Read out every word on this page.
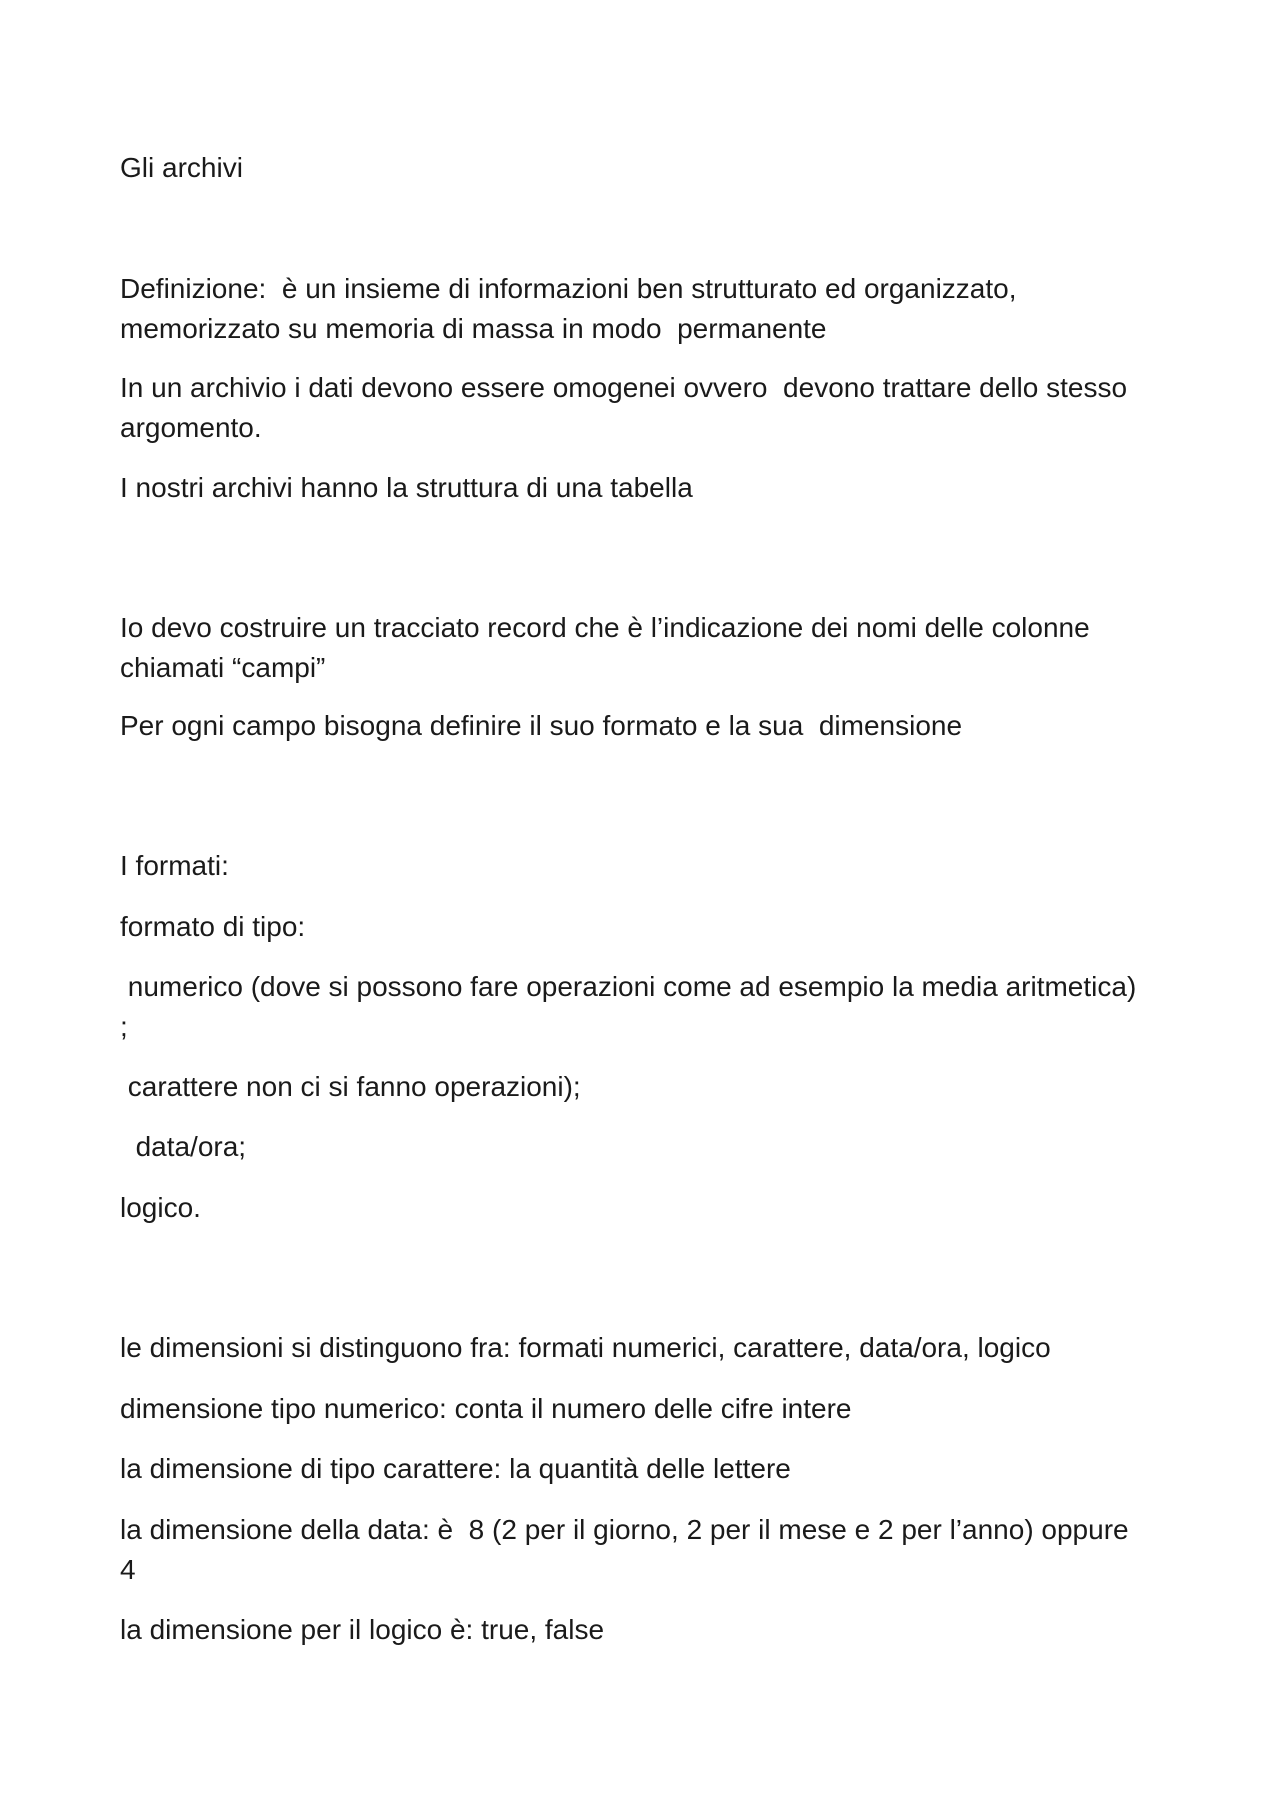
Gli archivi

Definizione:  è un insieme di informazioni ben strutturato ed organizzato, memorizzato su memoria di massa in modo  permanente

In un archivio i dati devono essere omogenei ovvero  devono trattare dello stesso argomento.

I nostri archivi hanno la struttura di una tabella

Io devo costruire un tracciato record che è l’indicazione dei nomi delle colonne chiamati “campi”

Per ogni campo bisogna definire il suo formato e la sua  dimensione

I formati:

formato di tipo:

numerico (dove si possono fare operazioni come ad esempio la media aritmetica) ;

carattere non ci si fanno operazioni);

data/ora;

logico.

le dimensioni si distinguono fra: formati numerici, carattere, data/ora, logico

dimensione tipo numerico: conta il numero delle cifre intere

la dimensione di tipo carattere: la quantità delle lettere

la dimensione della data: è  8 (2 per il giorno, 2 per il mese e 2 per l’anno) oppure 4

la dimensione per il logico è: true, false
